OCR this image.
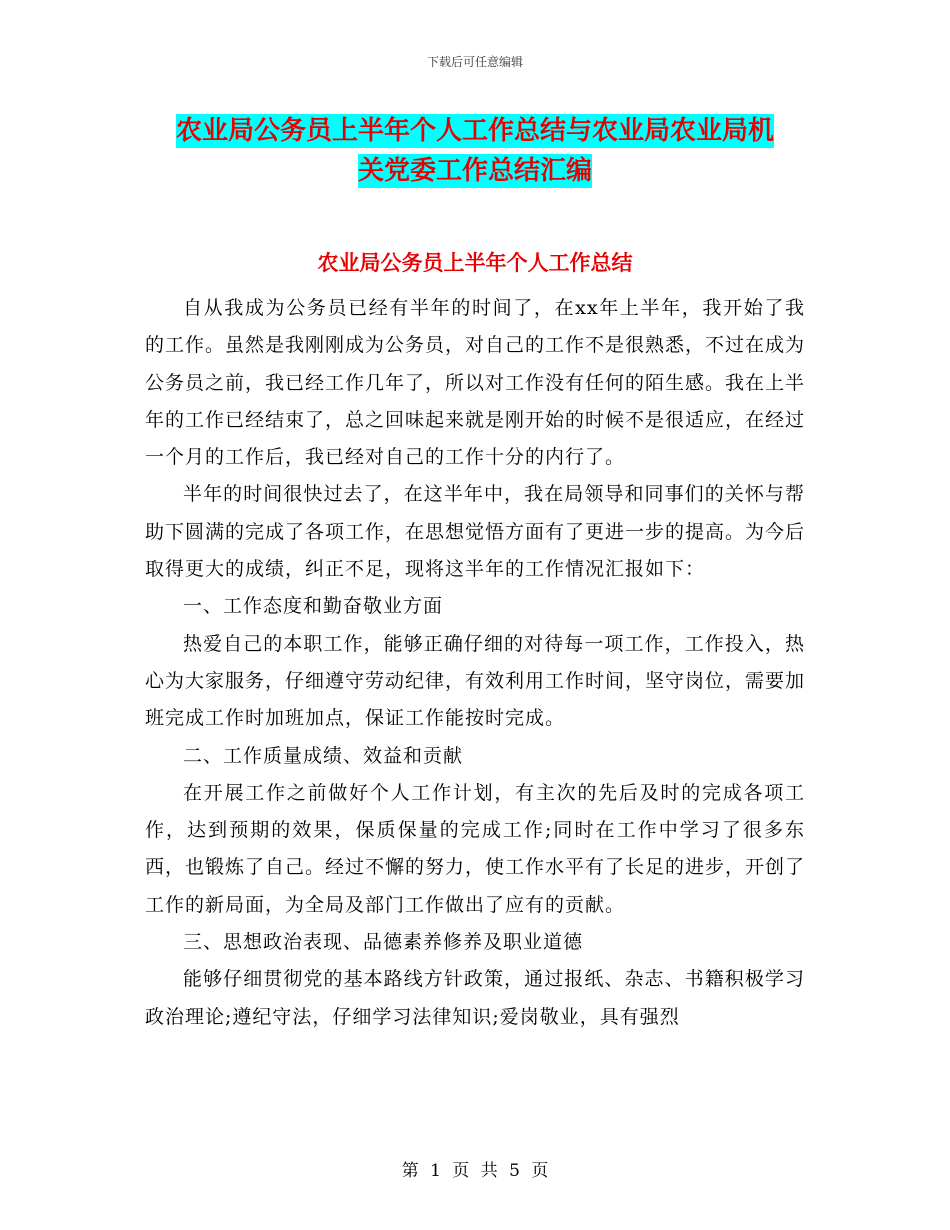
下载后可任意编辑
农业局公务员上半年个人工作总结与农业局农业局机
关党委工作总结汇编
农业局公务员上半年个人工作总结

自从我成为公务员已经有半年的时间了，在xx年上半年，我开始了我的工作。虽然是我刚刚成为公务员，对自己的工作不是很熟悉，不过在成为公务员之前，我已经工作几年了，所以对工作没有任何的陌生感。我在上半年的工作已经结束了，总之回味起来就是刚开始的时候不是很适应，在经过一个月的工作后，我已经对自己的工作十分的内行了。

半年的时间很快过去了，在这半年中，我在局领导和同事们的关怀与帮助下圆满的完成了各项工作，在思想觉悟方面有了更进一步的提高。为今后取得更大的成绩，纠正不足，现将这半年的工作情况汇报如下：

一、工作态度和勤奋敬业方面

热爱自己的本职工作，能够正确仔细的对待每一项工作，工作投入，热心为大家服务，仔细遵守劳动纪律，有效利用工作时间，坚守岗位，需要加班完成工作时加班加点，保证工作能按时完成。

二、工作质量成绩、效益和贡献

在开展工作之前做好个人工作计划，有主次的先后及时的完成各项工作，达到预期的效果，保质保量的完成工作;同时在工作中学习了很多东西，也锻炼了自己。经过不懈的努力，使工作水平有了长足的进步，开创了工作的新局面，为全局及部门工作做出了应有的贡献。

三、思想政治表现、品德素养修养及职业道德

能够仔细贯彻党的基本路线方针政策，通过报纸、杂志、书籍积极学习政治理论;遵纪守法，仔细学习法律知识;爱岗敬业，具有强烈

第 1 页 共 5 页
